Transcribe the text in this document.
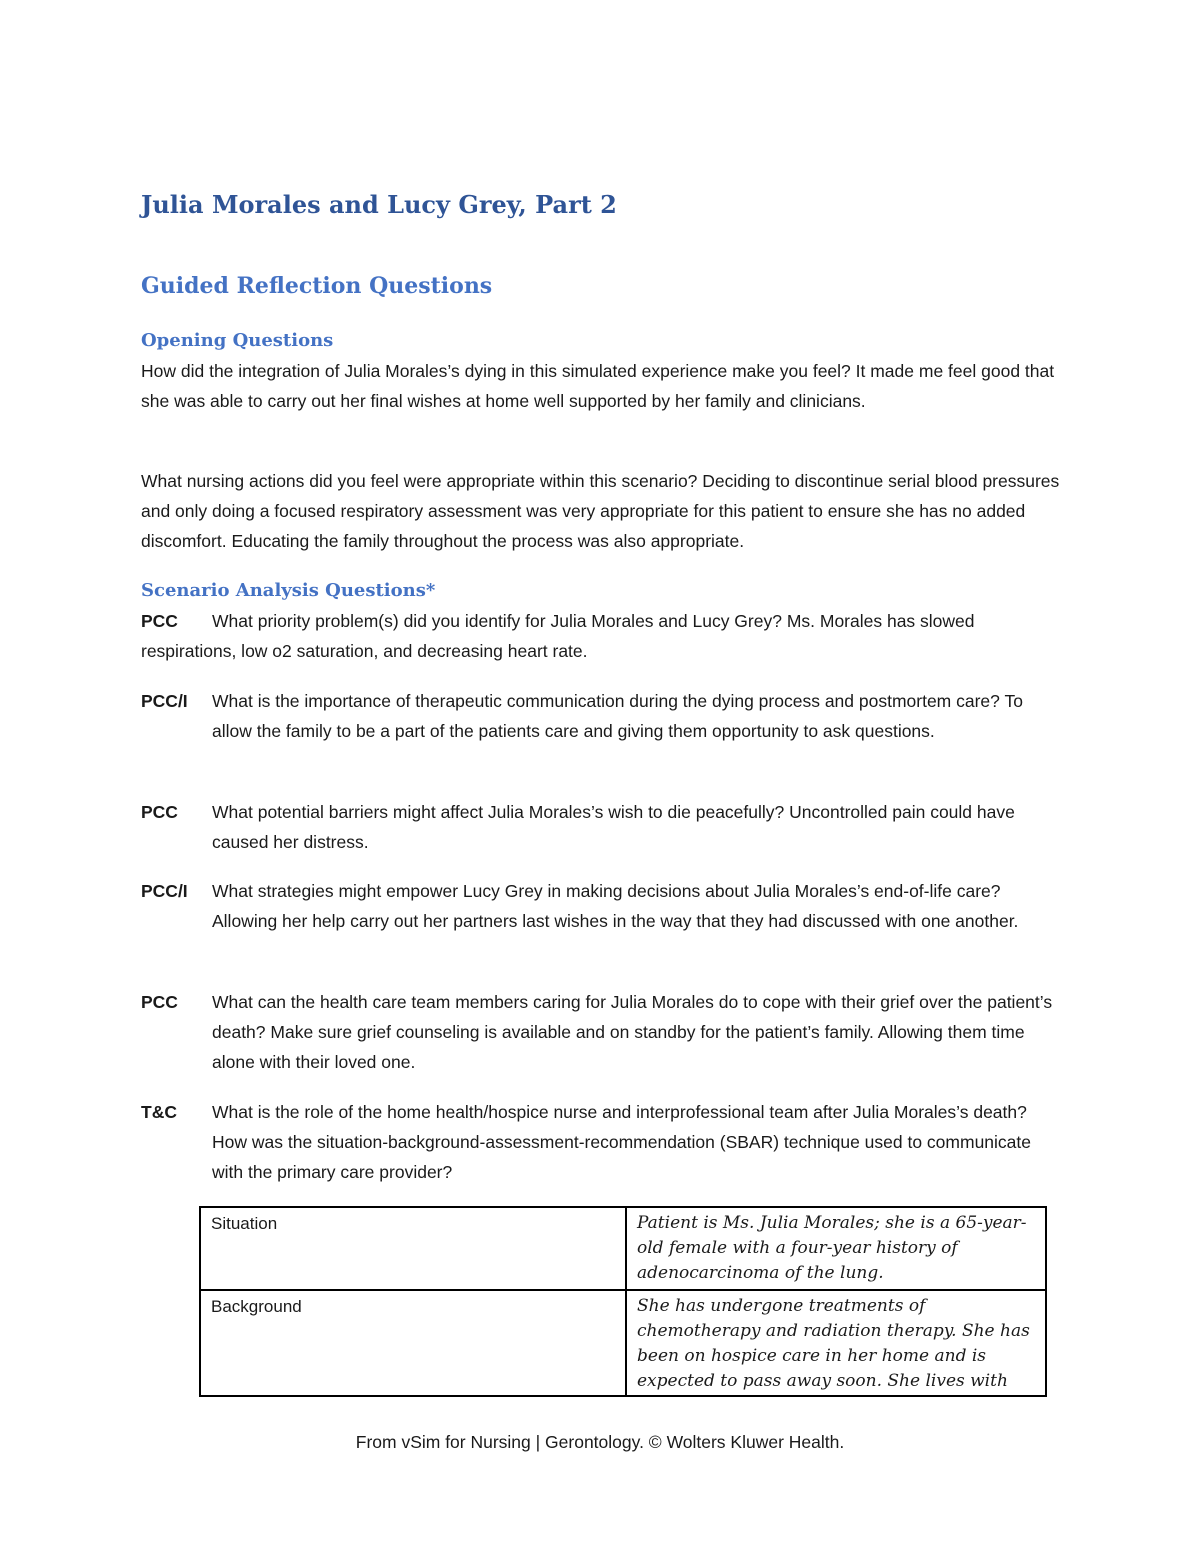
Julia Morales and Lucy Grey, Part 2
Guided Reflection Questions
Opening Questions

How did the integration of Julia Morales’s dying in this simulated experience make you feel? It made me feel good that she was able to carry out her final wishes at home well supported by her family and clinicians.

What nursing actions did you feel were appropriate within this scenario? Deciding to discontinue serial blood pressures and only doing a focused respiratory assessment was very appropriate for this patient to ensure she has no added discomfort. Educating the family throughout the process was also appropriate.

Scenario Analysis Questions*
PCC	What priority problem(s) did you identify for Julia Morales and Lucy Grey? Ms. Morales has slowed respirations, low o2 saturation, and decreasing heart rate.
PCC/I What is the importance of therapeutic communication during the dying process and postmortem care? To allow the family to be a part of the patients care and giving them opportunity to ask questions.
PCC What potential barriers might affect Julia Morales’s wish to die peacefully? Uncontrolled pain could have caused her distress.
PCC/I What strategies might empower Lucy Grey in making decisions about Julia Morales’s end-of-life care? Allowing her help carry out her partners last wishes in the way that they had discussed with one another.
PCC What can the health care team members caring for Julia Morales do to cope with their grief over the patient’s death? Make sure grief counseling is available and on standby for the patient’s family. Allowing them time alone with their loved one.
T&C What is the role of the home health/hospice nurse and interprofessional team after Julia Morales’s death? How was the situation-background-assessment-recommendation (SBAR) technique used to communicate with the primary care provider?
Situation	Patient is Ms. Julia Morales; she is a 65-year-old female with a four-year history of adenocarcinoma of the lung.
Background	She has undergone treatments of chemotherapy and radiation therapy. She has been on hospice care in her home and is expected to pass away soon. She lives with
From vSim for Nursing | Gerontology. © Wolters Kluwer Health.
